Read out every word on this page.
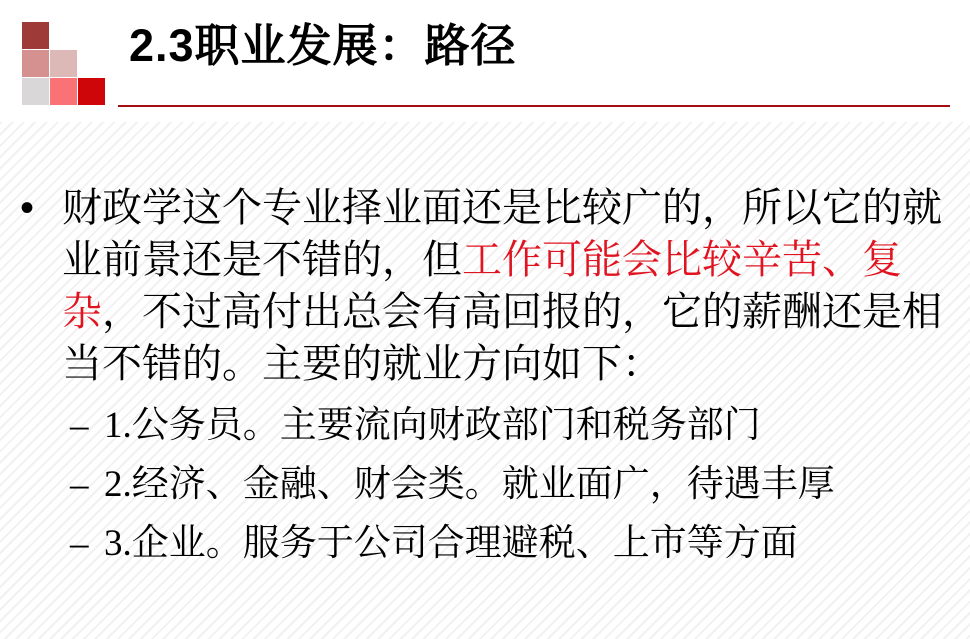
2.3职业发展：路径
• 财政学这个专业择业面还是比较广的，所以它的就业前景还是不错的，但工作可能会比较辛苦、复杂，不过高付出总会有高回报的，它的薪酬还是相当不错的。主要的就业方向如下：

– 1.公务员。主要流向财政部门和税务部门

– 2.经济、金融、财会类。就业面广，待遇丰厚

– 3.企业。服务于公司合理避税、上市等方面
